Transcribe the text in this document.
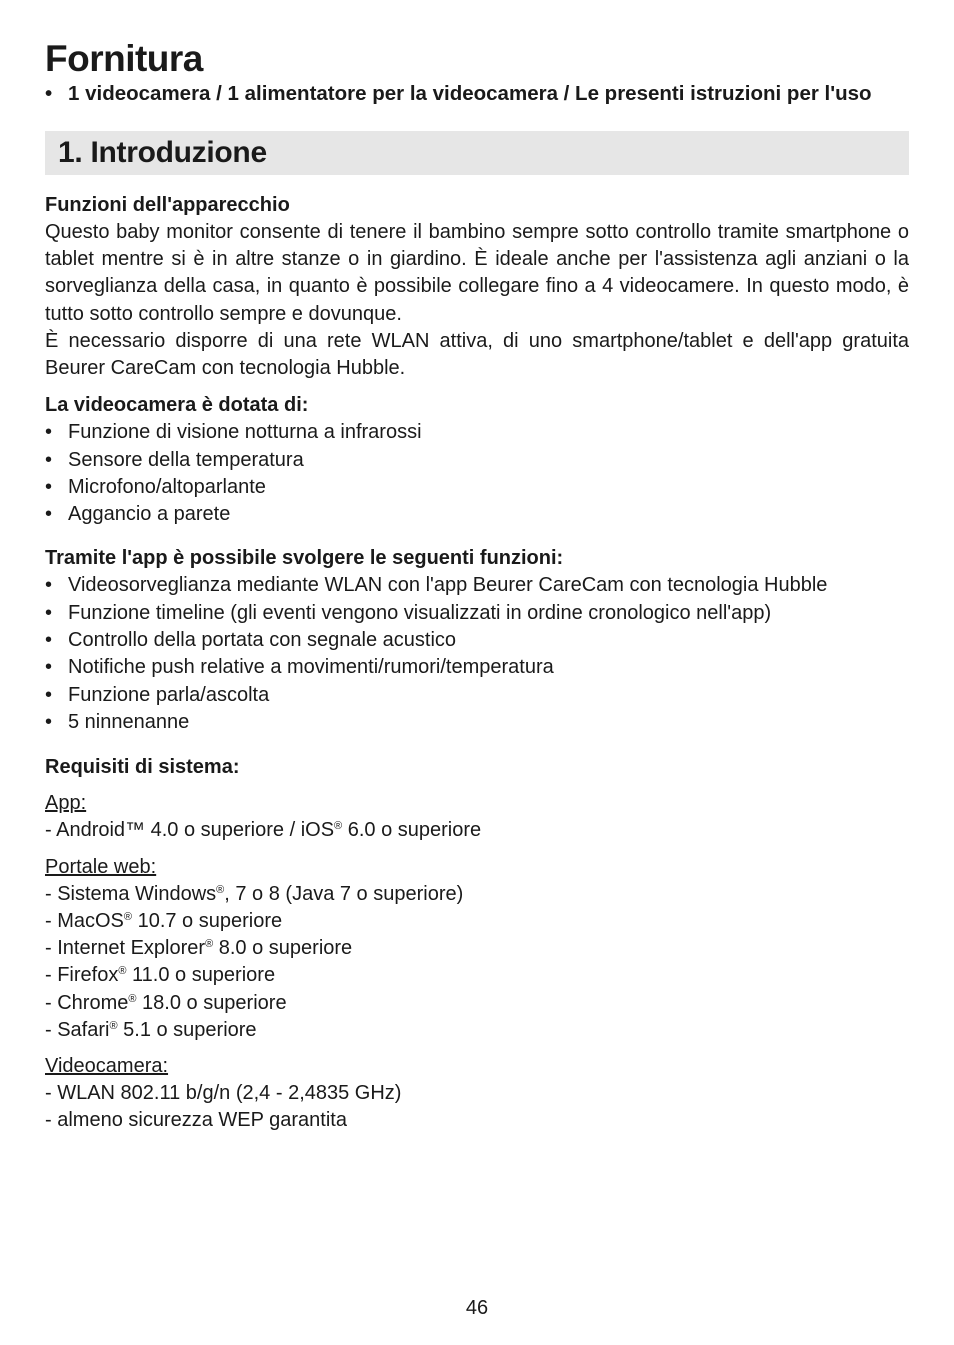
Fornitura

• 1 videocamera / 1 alimentatore per la videocamera / Le presenti istruzioni per l'uso

1. Introduzione

Funzioni dell'apparecchio

Questo baby monitor consente di tenere il bambino sempre sotto controllo tramite smartphone o tablet mentre si è in altre stanze o in giardino. È ideale anche per l'assistenza agli anziani o la sorveglianza della casa, in quanto è possibile collegare fino a 4 videocamere. In questo modo, è tutto sotto controllo sempre e dovunque.

È necessario disporre di una rete WLAN attiva, di uno smartphone/tablet e dell'app gratuita Beurer CareCam con tecnologia Hubble.

La videocamera è dotata di:

• Funzione di visione notturna a infrarossi
• Sensore della temperatura
• Microfono/altoparlante
• Aggancio a parete

Tramite l'app è possibile svolgere le seguenti funzioni:

• Videosorveglianza mediante WLAN con l'app Beurer CareCam con tecnologia Hubble
• Funzione timeline (gli eventi vengono visualizzati in ordine cronologico nell'app)
• Controllo della portata con segnale acustico
• Notifiche push relative a movimenti/rumori/temperatura
• Funzione parla/ascolta
• 5 ninnenanne

Requisiti di sistema:

App:

- Android™ 4.0 o superiore / iOS® 6.0 o superiore

Portale web:

- Sistema Windows®, 7 o 8 (Java 7 o superiore)

- MacOS® 10.7 o superiore

- Internet Explorer® 8.0 o superiore

- Firefox® 11.0 o superiore

- Chrome® 18.0 o superiore

- Safari® 5.1 o superiore

Videocamera:

- WLAN 802.11 b/g/n (2,4 - 2,4835 GHz)

- almeno sicurezza WEP garantita

46
